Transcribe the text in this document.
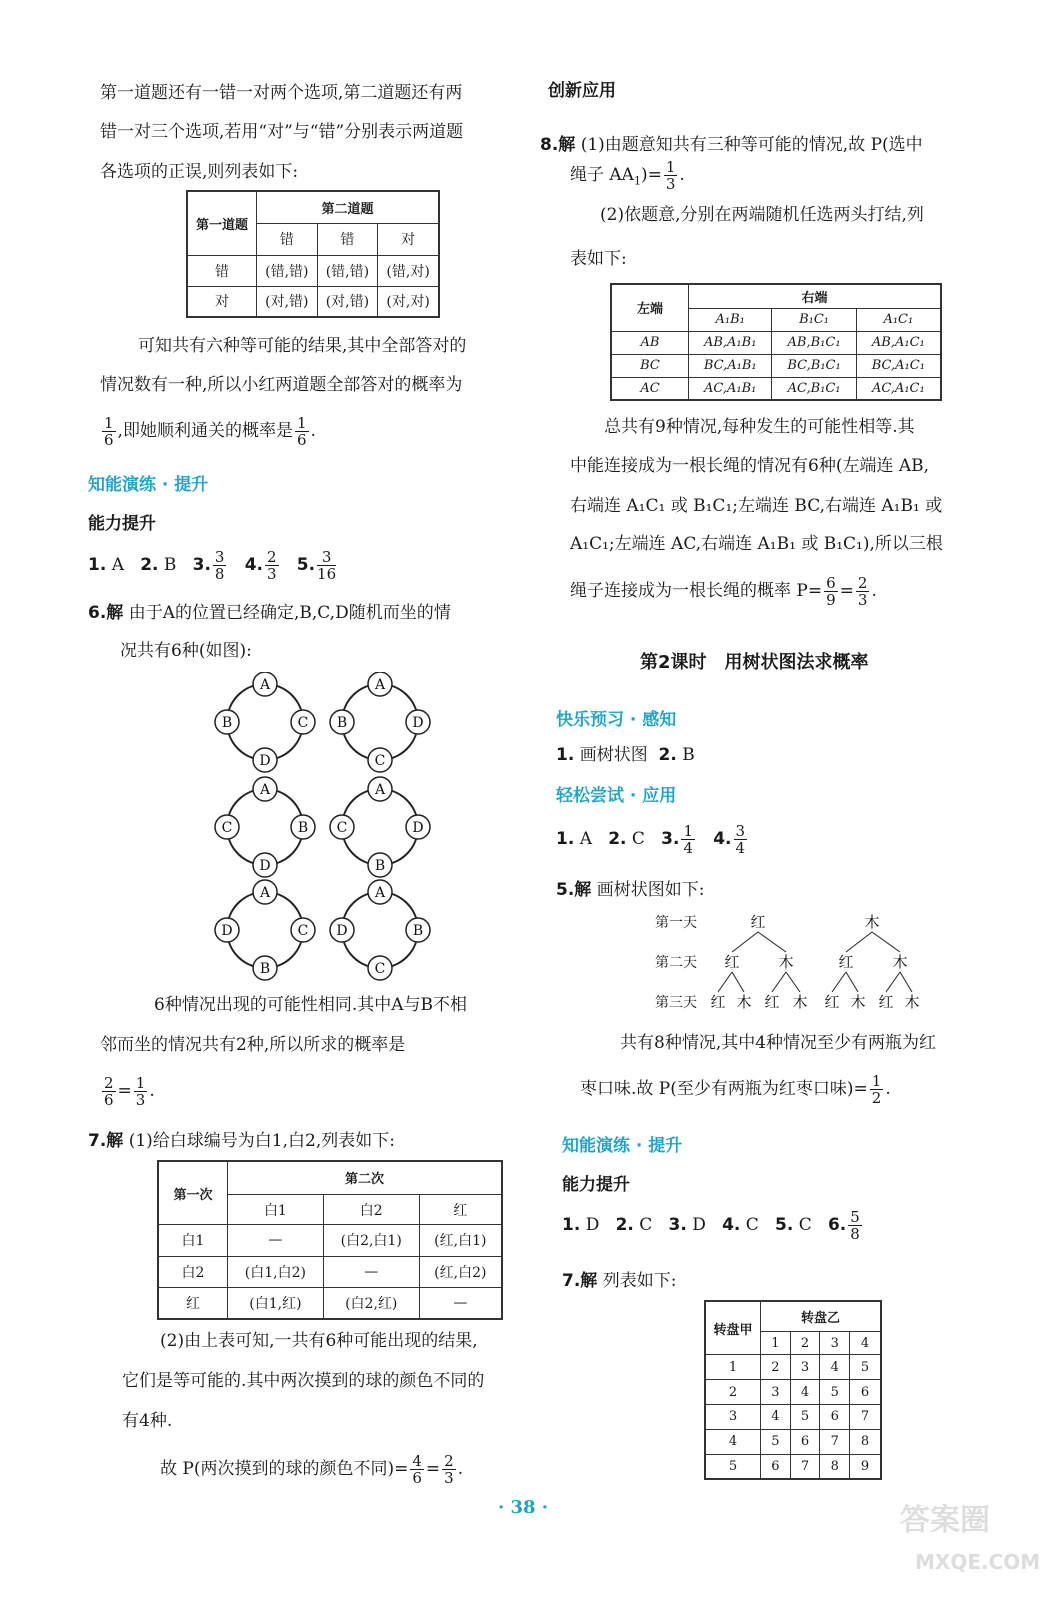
第一道题还有一错一对两个选项,第二道题还有两
错一对三个选项,若用“对”与“错”分别表示两道题
各选项的正误,则列表如下:
第一道题	第二道题		
	错	错	对
错	(错,错)	(错,错)	(错,对)
对	(对,错)	(对,错)	(对,对)
可知共有六种等可能的结果,其中全部答对的
情况数有一种,所以小红两道题全部答对的概率为
$\frac{1}{6}$ ,即她顺利通关的概率是 $\frac{1}{6}$ .
知能演练 · 提升
能力提升
1. A 2. B 3. $\frac{3}{8} 4$. $\frac{2}{3} 5$. $\frac{3}{16}$
6.解 由于A的位置已经确定,B,C,D随机而坐的情
况共有6种(如图):
A
B	C
D
A
B	D
C
A
C	B
D
A
C	D
B
A
D	C
B
A
D	B
C
6种情况出现的可能性相同.其中A与B不相
邻而坐的情况共有2种,所以所求的概率是
$\frac{2}{6} = \frac{1}{3}$ .
7.解 (1)给白球编号为白1,白2,列表如下:
第一次	第二次		
	白1	白2	红
白1	—	(白2,白1)	(红,白1)
白2	(白1,白2)	—	(红,白2)
红	(白1,红)	(白2,红)	—
(2)由上表可知,一共有6种可能出现的结果,
它们是等可能的.其中两次摸到的球的颜色不同的
有4种.
故 P(两次摸到的球的颜色不同)= $\frac{4}{6} = \frac{2}{3}$ .
创新应用
8.解 (1)由题意知共有三种等可能的情况,故 P(选中
绳子 $AA_1)= \frac{1}{3}$ .
(2)依题意,分别在两端随机任选两头打结,列
表如下:
左端	右端		
	A₁B₁	B₁C₁	A₁C₁
AB	AB,A₁B₁	AB,B₁C₁	AB,A₁C₁
BC	BC,A₁B₁	BC,B₁C₁	BC,A₁C₁
AC	AC,A₁B₁	AC,B₁C₁	AC,A₁C₁
总共有9种情况,每种发生的可能性相等.其
中能连接成为一根长绳的情况有6种(左端连 AB,
右端连 A₁C₁ 或 B₁C₁;左端连 BC,右端连 A₁B₁ 或
A₁C₁;左端连 AC,右端连 A₁B₁ 或 B₁C₁),所以三根
绳子连接成为一根长绳的概率 $P= \frac{6}{9} = \frac{2}{3}$ .
第2课时　用树状图法求概率
快乐预习 · 感知
1. 画树状图 2. B
轻松尝试 · 应用
1. A 2. C 3. $\frac{1}{4} 4$. $\frac{3}{4}$
5.解 画树状图如下:
第一天
第二天
第三天
红	木
红	木	红	木
红 木 红 木 红 木 红 木
共有8种情况,其中4种情况至少有两瓶为红
枣口味.故 P(至少有两瓶为红枣口味)= $\frac{1}{2}$ .
知能演练 · 提升
能力提升
1. D 2. C 3. D 4. C 5. C 6. $\frac{5}{8}$
7.解 列表如下:
转盘甲	转盘乙			
	1	2	3	4
1	2	3	4	5
2	3	4	5	6
3	4	5	6	7
4	5	6	7	8
5	6	7	8	9
· 38 ·	答案圈
MXQE.COM
